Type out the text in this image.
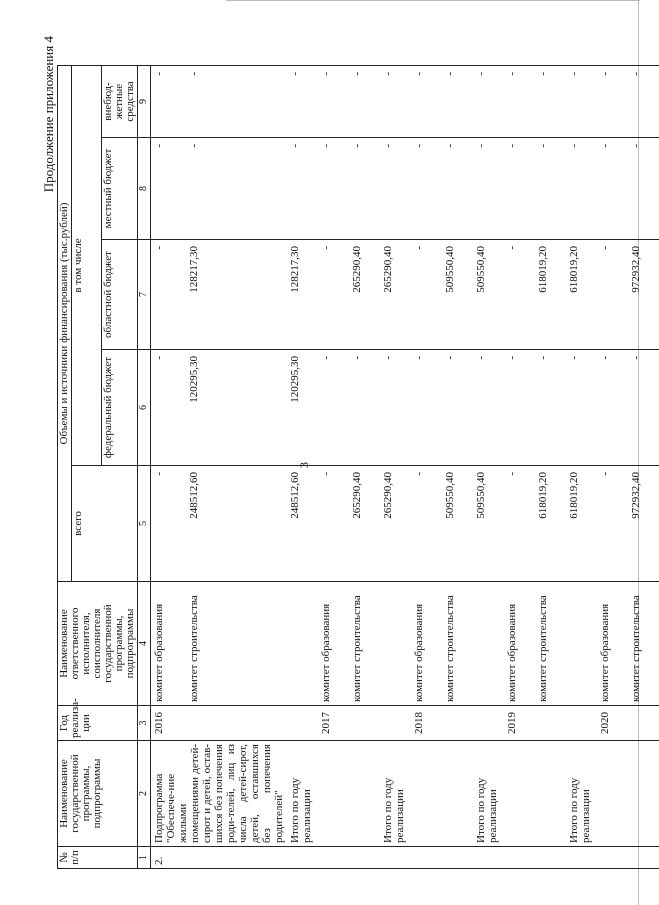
3
Продолжение приложения 4
№ п/п	Наименование государственной программы, подпрограммы	Год реализа-ции	Наименование ответственного исполнителя, соисполнителя государственной программы, подпрограммы	Объемы и источники финансирования (тыс.рублей)				
				всего	в том числе			
					федеральный бюджет	областной бюджет	местный бюджет	внебюд-жетные средства
1	2	3	4	5	6	7	8	9
2.	Подпрограмма "Обеспече-ние жилыми помещениями детей-сирот и детей, остав-шихся без попечения роди-телей, лиц из числа детей-сирот, детей, оставшихся без попечения родителей"	2016	комитет образования	-	-	-	-	-
			комитет строительства	248512,60	120295,30	128217,30	-	-
	Итого по году реализации			248512,60	120295,30	128217,30	-	-
		2017	комитет образования	-	-	-	-	-
			комитет строительства	265290,40	-	265290,40	-	-
	Итого по году реализации			265290,40	-	265290,40	-	-
		2018	комитет образования	-	-	-	-	-
			комитет строительства	509550,40	-	509550,40	-	-
	Итого по году реализации			509550,40	-	509550,40	-	-
		2019	комитет образования	-	-	-	-	-
			комитет строительства	618019,20	-	618019,20	-	-
	Итого по году реализации			618019,20	-	618019,20	-	-
		2020	комитет образования	-	-	-	-	-
			комитет строительства	972932,40	-	972932,40	-	-
